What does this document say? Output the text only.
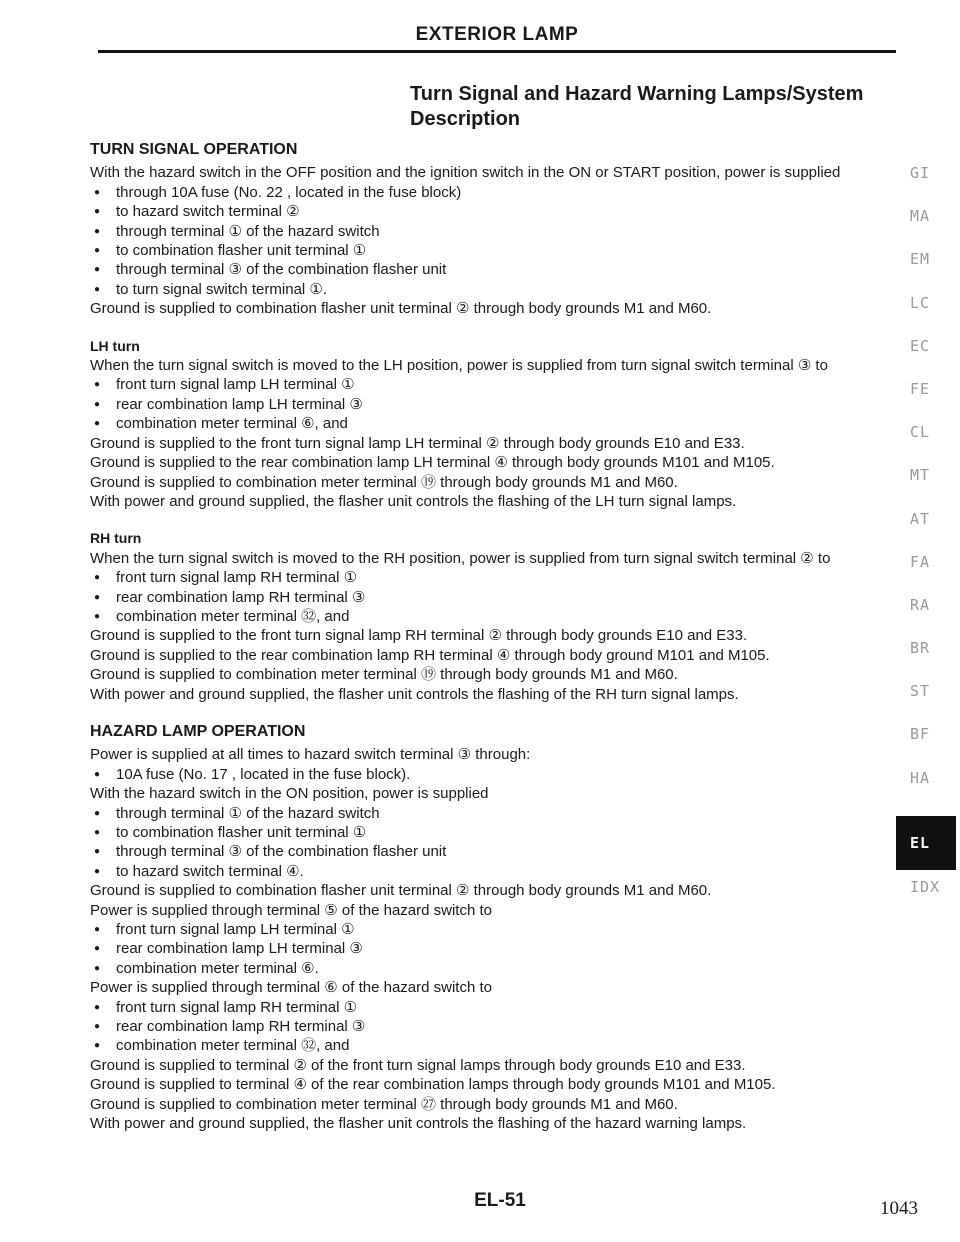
EXTERIOR LAMP
Turn Signal and Hazard Warning Lamps/System
Description
TURN SIGNAL OPERATION

With the hazard switch in the OFF position and the ignition switch in the ON or START position, power is supplied

● through 10A fuse (No. 22 , located in the fuse block)

● to hazard switch terminal ②

● through terminal ① of the hazard switch

● to combination flasher unit terminal ①

● through terminal ③ of the combination flasher unit

● to turn signal switch terminal ①.

Ground is supplied to combination flasher unit terminal ② through body grounds M1 and M60.

LH turn

When the turn signal switch is moved to the LH position, power is supplied from turn signal switch terminal ③ to

● front turn signal lamp LH terminal ①

● rear combination lamp LH terminal ③

● combination meter terminal ⑥, and

Ground is supplied to the front turn signal lamp LH terminal ② through body grounds E10 and E33.

Ground is supplied to the rear combination lamp LH terminal ④ through body grounds M101 and M105.

Ground is supplied to combination meter terminal ⑲ through body grounds M1 and M60.

With power and ground supplied, the flasher unit controls the flashing of the LH turn signal lamps.

RH turn

When the turn signal switch is moved to the RH position, power is supplied from turn signal switch terminal ② to

● front turn signal lamp RH terminal ①

● rear combination lamp RH terminal ③

● combination meter terminal ㉜, and

Ground is supplied to the front turn signal lamp RH terminal ② through body grounds E10 and E33.

Ground is supplied to the rear combination lamp RH terminal ④ through body ground M101 and M105.

Ground is supplied to combination meter terminal ⑲ through body grounds M1 and M60.

With power and ground supplied, the flasher unit controls the flashing of the RH turn signal lamps.

HAZARD LAMP OPERATION

Power is supplied at all times to hazard switch terminal ③ through:

● 10A fuse (No. 17 , located in the fuse block).

With the hazard switch in the ON position, power is supplied

● through terminal ① of the hazard switch

● to combination flasher unit terminal ①

● through terminal ③ of the combination flasher unit

● to hazard switch terminal ④.

Ground is supplied to combination flasher unit terminal ② through body grounds M1 and M60.

Power is supplied through terminal ⑤ of the hazard switch to

● front turn signal lamp LH terminal ①

● rear combination lamp LH terminal ③

● combination meter terminal ⑥.

Power is supplied through terminal ⑥ of the hazard switch to

● front turn signal lamp RH terminal ①

● rear combination lamp RH terminal ③

● combination meter terminal ㉜, and

Ground is supplied to terminal ② of the front turn signal lamps through body grounds E10 and E33.

Ground is supplied to terminal ④ of the rear combination lamps through body grounds M101 and M105.

Ground is supplied to combination meter terminal ㉗ through body grounds M1 and M60.

With power and ground supplied, the flasher unit controls the flashing of the hazard warning lamps.

GI
MA
EM
LC
EC
FE
CL
MT
AT
FA
RA
BR
ST
BF
HA
EL
IDX
EL-51	1043
